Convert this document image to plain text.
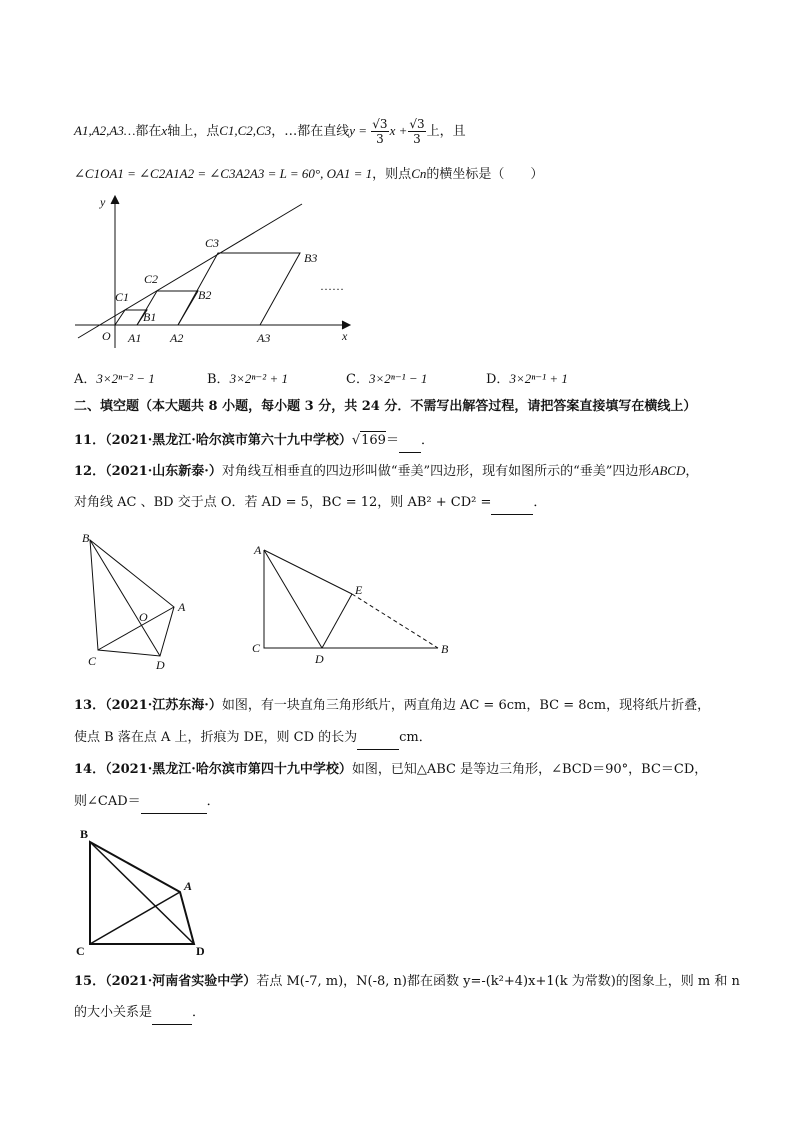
A1,A2,A3…都在x轴上，点C1,C2,C3，…都在直线$y = \frac{√3}{3}$ $x + \frac{√3}{3}$ 上，且
∠C1OA1 = ∠C2A1A2 = ∠C3A2A3 = L = 60°, OA1 = 1，则点Cn的横坐标是（　　）
y
x
O
C1
C2
C3
B1
B2
B3
A1 A2	A3
……
A．3×2ⁿ⁻² − 1	B．3×2ⁿ⁻² + 1	C．3×2ⁿ⁻¹ − 1	D．3×2ⁿ⁻¹ + 1
二、填空题（本大题共 8 小题，每小题 3 分，共 24 分．不需写出解答过程，请把答案直接填写在横线上）
11．（2021·黑龙江·哈尔滨市第六十九中学校）√169＝ ．
12．（2021·山东新泰·）对角线互相垂直的四边形叫做“垂美”四边形，现有如图所示的“垂美”四边形ABCD，
对角线 AC 、BD 交于点 O．若 AD = 5，BC = 12，则 AB² + CD² =	．
B
O
A
C	D
A
E
C
D
B
13．（2021·江苏东海·）如图，有一块直角三角形纸片，两直角边 AC = 6cm，BC = 8cm，现将纸片折叠，
使点 B 落在点 A 上，折痕为 DE，则 CD 的长为	cm．
14．（2021·黑龙江·哈尔滨市第四十九中学校）如图，已知△ABC 是等边三角形，∠BCD＝90°，BC＝CD，
则∠CAD＝	．
B
A
C	D
15．（2021·河南省实验中学）若点 M(-7, m)，N(-8, n)都在函数 y=-(k²+4)x+1(k 为常数)的图象上，则 m 和 n
的大小关系是	．
